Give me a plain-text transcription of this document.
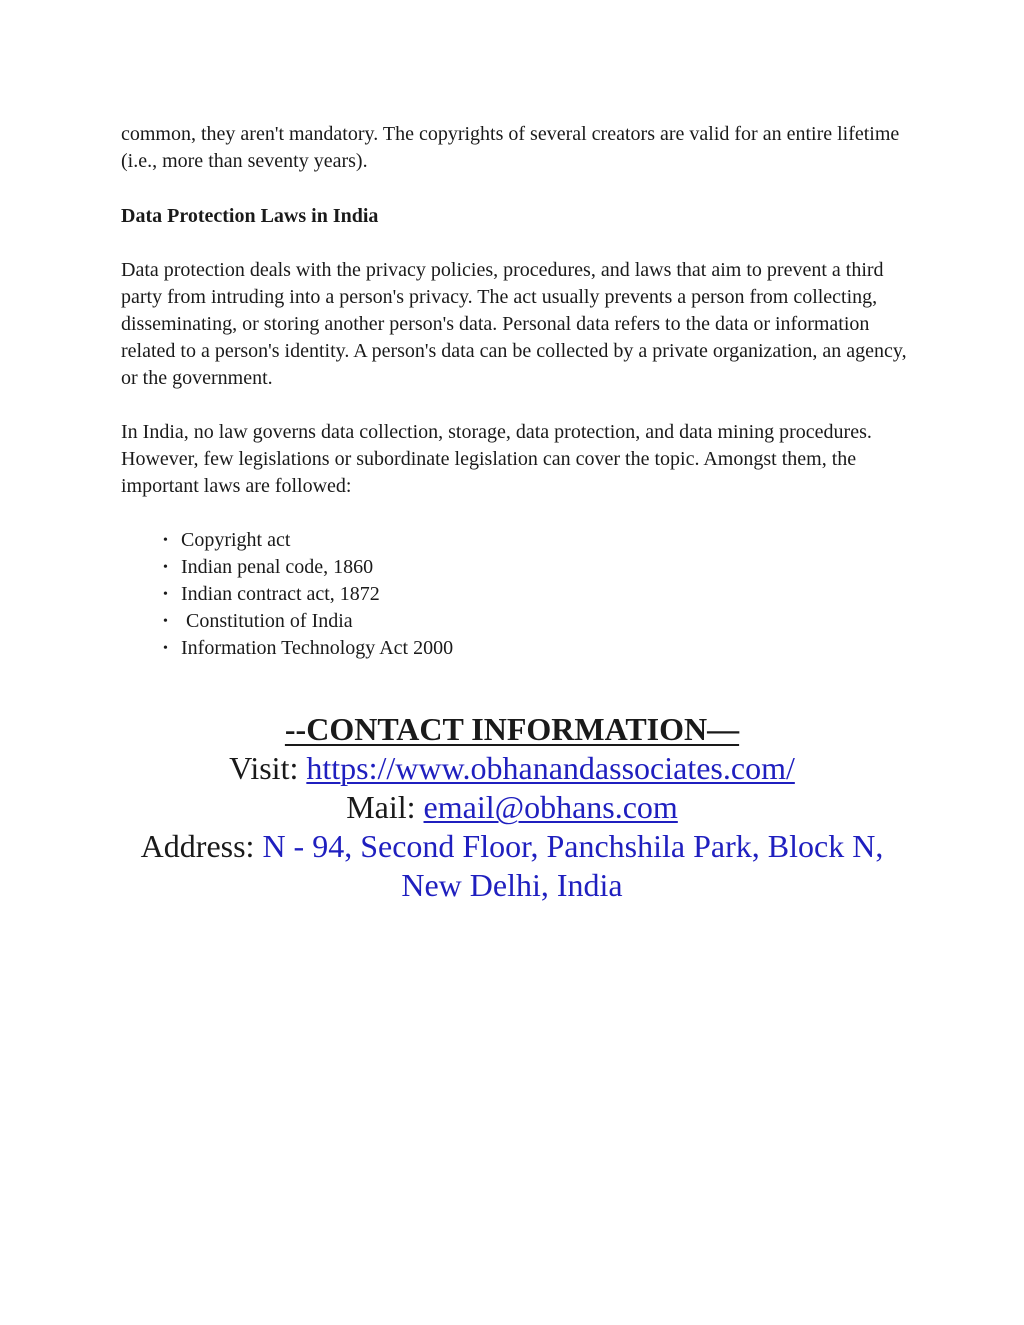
common, they aren't mandatory. The copyrights of several creators are valid for an entire lifetime (i.e., more than seventy years).

Data Protection Laws in India

Data protection deals with the privacy policies, procedures, and laws that aim to prevent a third party from intruding into a person's privacy. The act usually prevents a person from collecting, disseminating, or storing another person's data. Personal data refers to the data or information related to a person's identity. A person's data can be collected by a private organization, an agency, or the government.

In India, no law governs data collection, storage, data protection, and data mining procedures. However, few legislations or subordinate legislation can cover the topic. Amongst them, the important laws are followed:

• Copyright act
• Indian penal code, 1860
• Indian contract act, 1872
• Constitution of India
• Information Technology Act 2000
--CONTACT INFORMATION—
Visit: https://www.obhanandassociates.com/
Mail: email@obhans.com
Address: N - 94, Second Floor, Panchshila Park, Block N,
New Delhi, India
